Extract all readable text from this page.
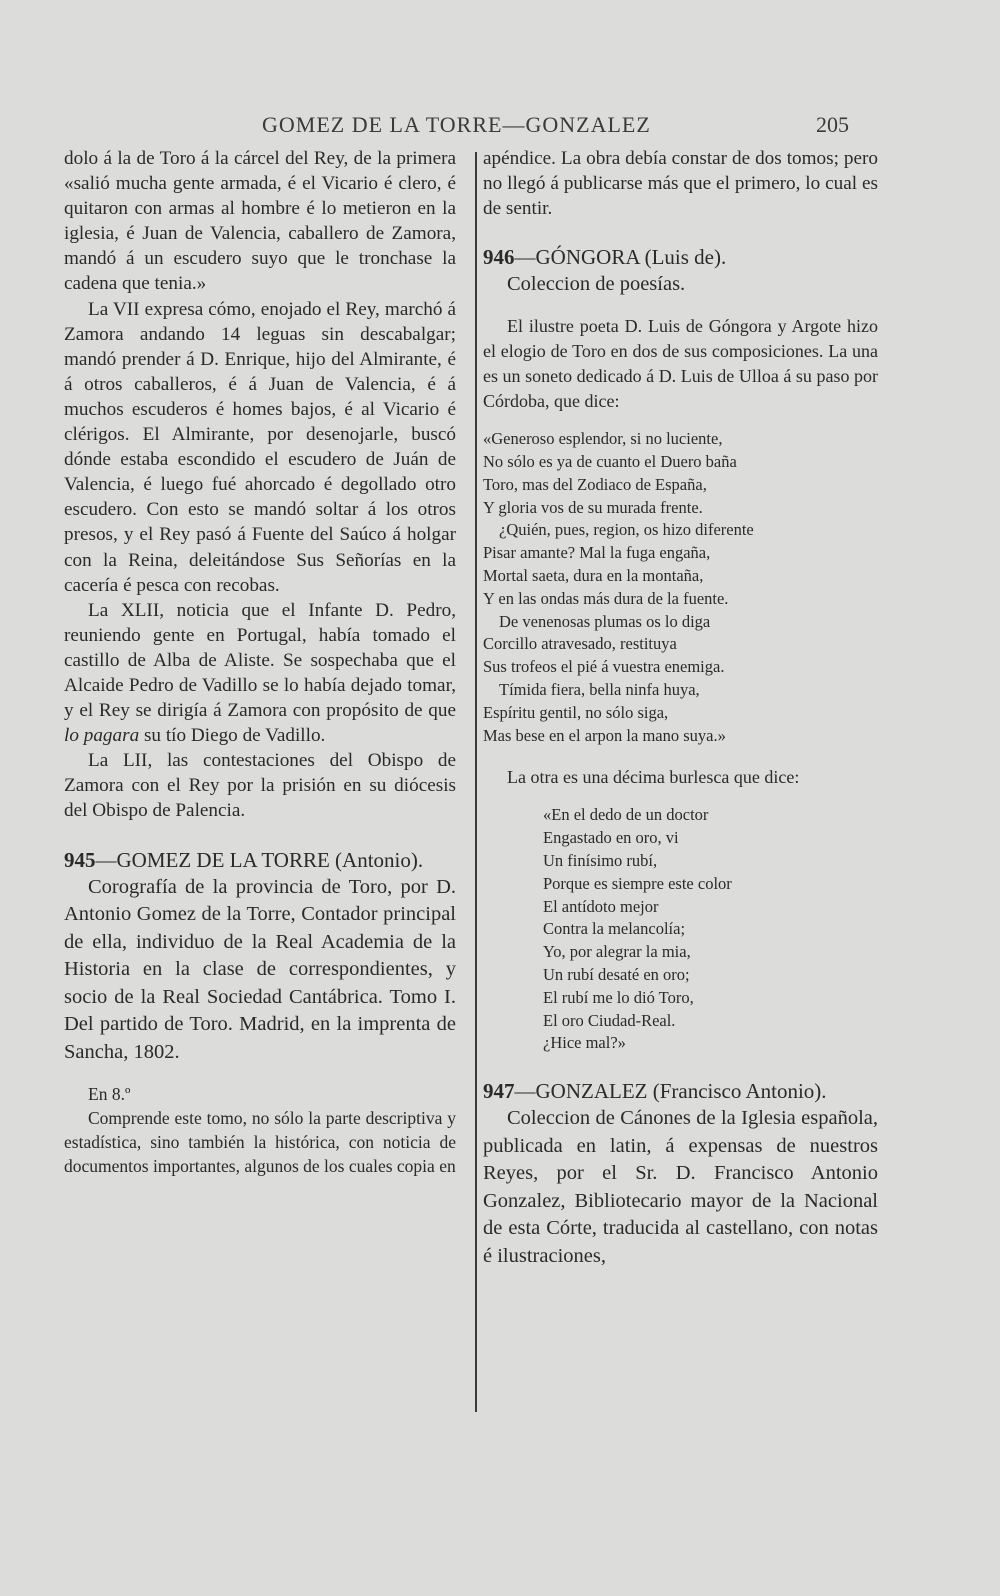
GOMEZ DE LA TORRE—GONZALEZ	205

dolo á la de Toro á la cárcel del Rey, de la primera «salió mucha gente armada, é el Vicario é clero, é quitaron con armas al hombre é lo metieron en la iglesia, é Juan de Valencia, caballero de Zamora, mandó á un escudero suyo que le tronchase la cadena que tenia.»

La VII expresa cómo, enojado el Rey, marchó á Zamora andando 14 leguas sin descabalgar; mandó prender á D. Enrique, hijo del Almirante, é á otros caballeros, é á Juan de Valencia, é á muchos escuderos é homes bajos, é al Vicario é clérigos. El Almirante, por desenojarle, buscó dónde estaba escondido el escudero de Juán de Valencia, é luego fué ahorcado é degollado otro escudero. Con esto se mandó soltar á los otros presos, y el Rey pasó á Fuente del Saúco á holgar con la Reina, deleitándose Sus Señorías en la cacería é pesca con recobas.

La XLII, noticia que el Infante D. Pedro, reuniendo gente en Portugal, había tomado el castillo de Alba de Aliste. Se sospechaba que el Alcaide Pedro de Vadillo se lo había dejado tomar, y el Rey se dirigía á Zamora con propósito de que lo pagara su tío Diego de Vadillo.

La LII, las contestaciones del Obispo de Zamora con el Rey por la prisión en su diócesis del Obispo de Palencia.

945—GOMEZ DE LA TORRE (Antonio).

Corografía de la provincia de Toro, por D. Antonio Gomez de la Torre, Contador principal de ella, individuo de la Real Academia de la Historia en la clase de correspondientes, y socio de la Real Sociedad Cantábrica. Tomo I. Del partido de Toro. Madrid, en la imprenta de Sancha, 1802.

En 8.º

Comprende este tomo, no sólo la parte descriptiva y estadística, sino también la histórica, con noticia de documentos importantes, algunos de los cuales copia en

apéndice. La obra debía constar de dos tomos; pero no llegó á publicarse más que el primero, lo cual es de sentir.

946—GÓNGORA (Luis de).

Coleccion de poesías.

El ilustre poeta D. Luis de Góngora y Argote hizo el elogio de Toro en dos de sus composiciones. La una es un soneto dedicado á D. Luis de Ulloa á su paso por Córdoba, que dice:

«Generoso esplendor, si no luciente,
No sólo es ya de cuanto el Duero baña
Toro, mas del Zodiaco de España,
Y gloria vos de su murada frente.
¿Quién, pues, region, os hizo diferente
Pisar amante? Mal la fuga engaña,
Mortal saeta, dura en la montaña,
Y en las ondas más dura de la fuente.
De venenosas plumas os lo diga
Corcillo atravesado, restituya
Sus trofeos el pié á vuestra enemiga.
Tímida fiera, bella ninfa huya,
Espíritu gentil, no sólo siga,
Mas bese en el arpon la mano suya.»

La otra es una décima burlesca que dice:

«En el dedo de un doctor
Engastado en oro, vi
Un finísimo rubí,
Porque es siempre este color
El antídoto mejor
Contra la melancolía;
Yo, por alegrar la mia,
Un rubí desaté en oro;
El rubí me lo dió Toro,
El oro Ciudad-Real.
¿Hice mal?»
947—GONZALEZ (Francisco Antonio).

Coleccion de Cánones de la Iglesia española, publicada en latin, á expensas de nuestros Reyes, por el Sr. D. Francisco Antonio Gonzalez, Bibliotecario mayor de la Nacional de esta Córte, traducida al castellano, con notas é ilustraciones,
